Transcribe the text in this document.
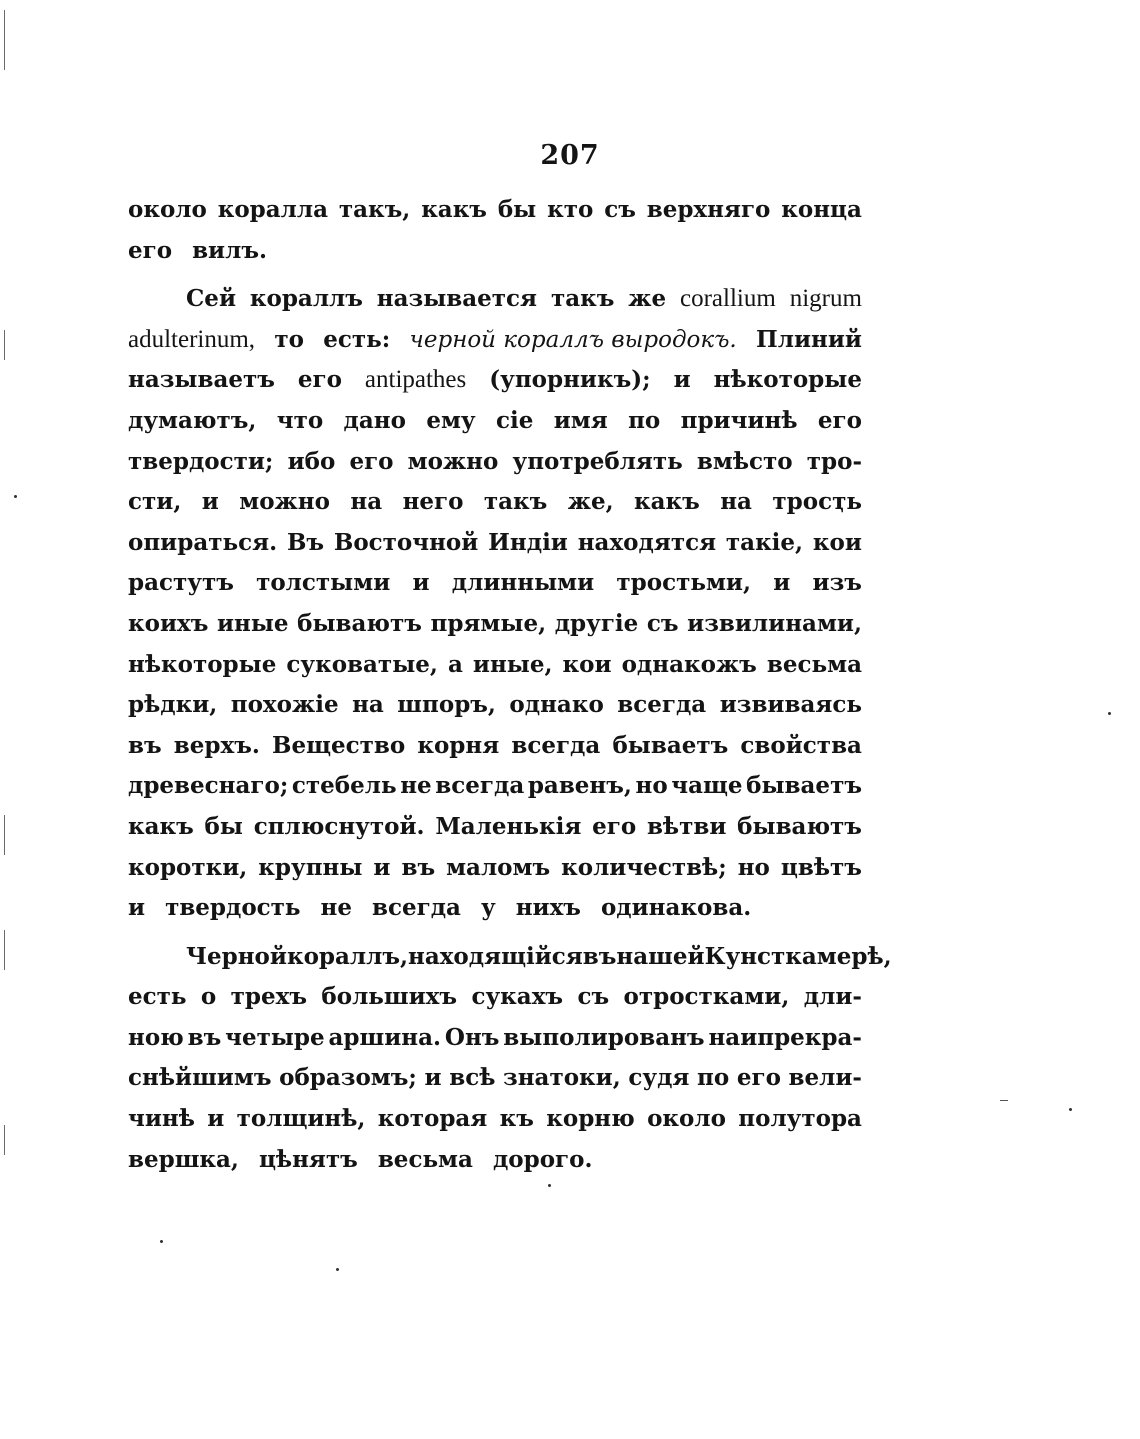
207
около коралла такъ, какъ бы кто съ верхняго конца
его вилъ.
Сей кораллъ называется такъ же corallium nigrum
adulterinum, то есть: черной кораллъ выродокъ. Плиний
называетъ его antipathes (упорникъ); и нѣкоторые
думаютъ, что дано ему сіе имя по причинѣ его
твердости; ибо его можно употреблять вмѣсто тро-
сти, и можно на него такъ же, какъ на тросҭь
опираться. Въ Восточной Индіи находятся такіе, кои
растутъ толстыми и длинными тростьми, и изъ
коихъ иные бываютъ прямые, другіе съ извилинами,
нѣкоторые суковатые, а иные, кои однакожъ весьма
рѣдки, похожіе на шпоръ, однако всегда извиваясь
въ верхъ. Вещество корня всегда бываетъ свойства
древеснаго; стебель не всегда равенъ, но чаще бываетъ
какъ бы сплюснутой. Маленькія его вѣтви бываютъ
коротки, крупны и въ маломъ количествѣ; но цвѣтъ
и твердость не всегда у нихъ одинакова.
Черной кораллъ, находящійся въ нашей Кунсткамерѣ,
есть о трехъ большихъ сукахъ съ отростками, дли-
ною въ четыре аршина. Онъ выполированъ наипрекра-
снѣйшимъ образомъ; и всѣ знатоки, судя по его вели-
чинѣ и толщинѣ, которая къ корню около полутора
вершка, цѣнятъ весьма дорого.
